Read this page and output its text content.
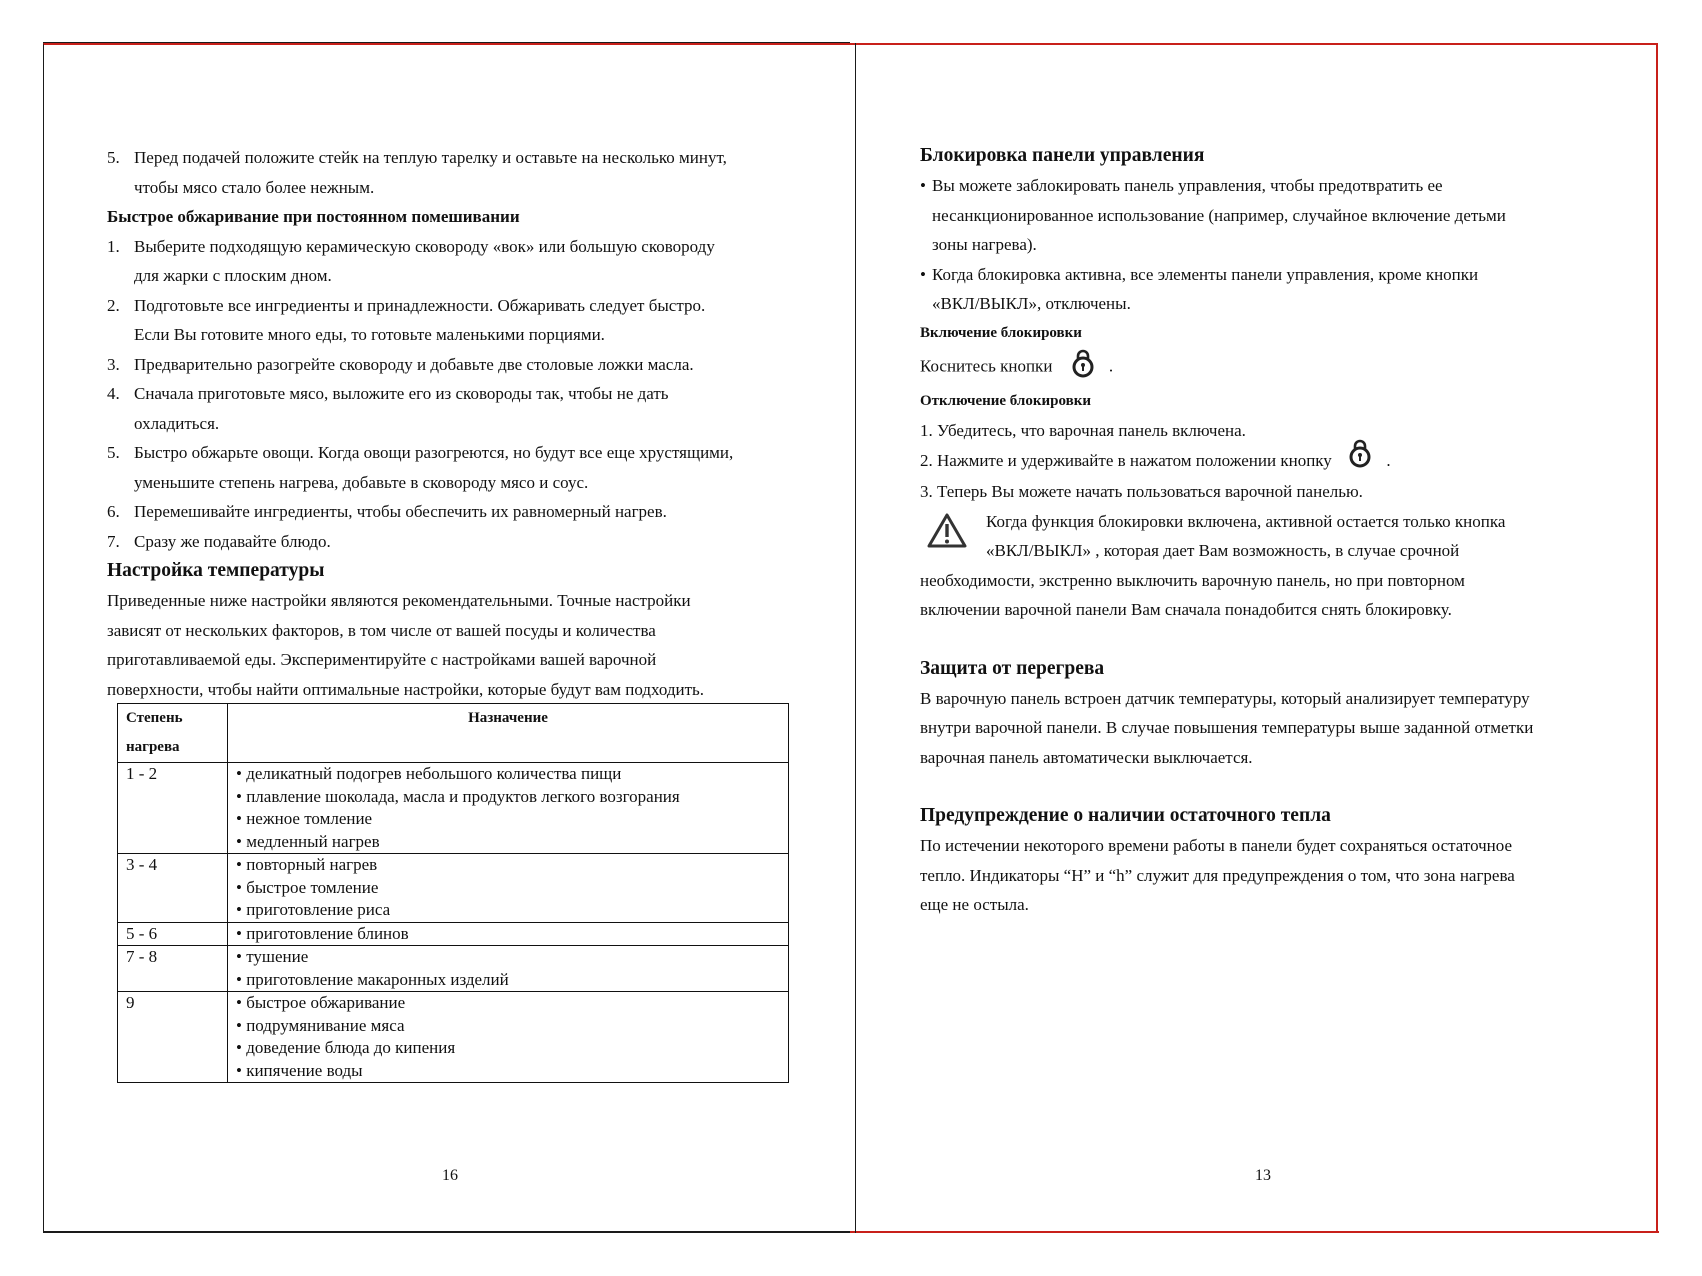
5. Перед подачей положите стейк на теплую тарелку и оставьте на несколько минут,
чтобы мясо стало более нежным.
Быстрое обжаривание при постоянном помешивании
1. Выберите подходящую керамическую сковороду «вок» или большую сковороду
для жарки с плоским дном.
2. Подготовьте все ингредиенты и принадлежности. Обжаривать следует быстро.
Если Вы готовите много еды, то готовьте маленькими порциями.
3. Предварительно разогрейте сковороду и добавьте две столовые ложки масла.
4. Сначала приготовьте мясо, выложите его из сковороды так, чтобы не дать
охладиться.
5. Быстро обжарьте овощи. Когда овощи разогреются, но будут все еще хрустящими,
уменьшите степень нагрева, добавьте в сковороду мясо и соус.
6. Перемешивайте ингредиенты, чтобы обеспечить их равномерный нагрев.
7. Сразу же подавайте блюдо.
Настройка температуры
Приведенные ниже настройки являются рекомендательными. Точные настройки
зависят от нескольких факторов, в том числе от вашей посуды и количества
приготавливаемой еды. Экспериментируйте с настройками вашей варочной
поверхности, чтобы найти оптимальные настройки, которые будут вам подходить.
16
Степень
нагрева	Назначение
1 - 2	• деликатный подогрев небольшого количества пищи
• плавление шоколада, масла и продуктов легкого возгорания
• нежное томление
• медленный нагрев

3 - 4	• повторный нагрев
• быстрое томление
• приготовление риса

5 - 6	• приготовление блинов

7 - 8	• тушение
• приготовление макаронных изделий

9	• быстрое обжаривание
• подрумянивание мяса
• доведение блюда до кипения
• кипячение воды
Блокировка панели управления
• Вы можете заблокировать панель управления, чтобы предотвратить ее
несанкционированное использование (например, случайное включение детьми
зоны нагрева).
• Когда блокировка активна, все элементы панели управления, кроме кнопки
«ВКЛ/ВЫКЛ», отключены.
Включение блокировки
Коснитесь кнопки	.
Отключение блокировки
1. Убедитесь, что варочная панель включена.
2. Нажмите и удерживайте в нажатом положении кнопку	.
3. Теперь Вы можете начать пользоваться варочной панелью.
Когда функция блокировки включена, активной остается только кнопка
«ВКЛ/ВЫКЛ» , которая дает Вам возможность, в случае срочной
необходимости, экстренно выключить варочную панель, но при повторном
включении варочной панели Вам сначала понадобится снять блокировку.
Защита от перегрева
В варочную панель встроен датчик температуры, который анализирует температуру
внутри варочной панели. В случае повышения температуры выше заданной отметки
варочная панель автоматически выключается.
Предупреждение о наличии остаточного тепла
По истечении некоторого времени работы в панели будет сохраняться остаточное
тепло. Индикаторы “H” и “h” служит для предупреждения о том, что зона нагрева
еще не остыла.
13
